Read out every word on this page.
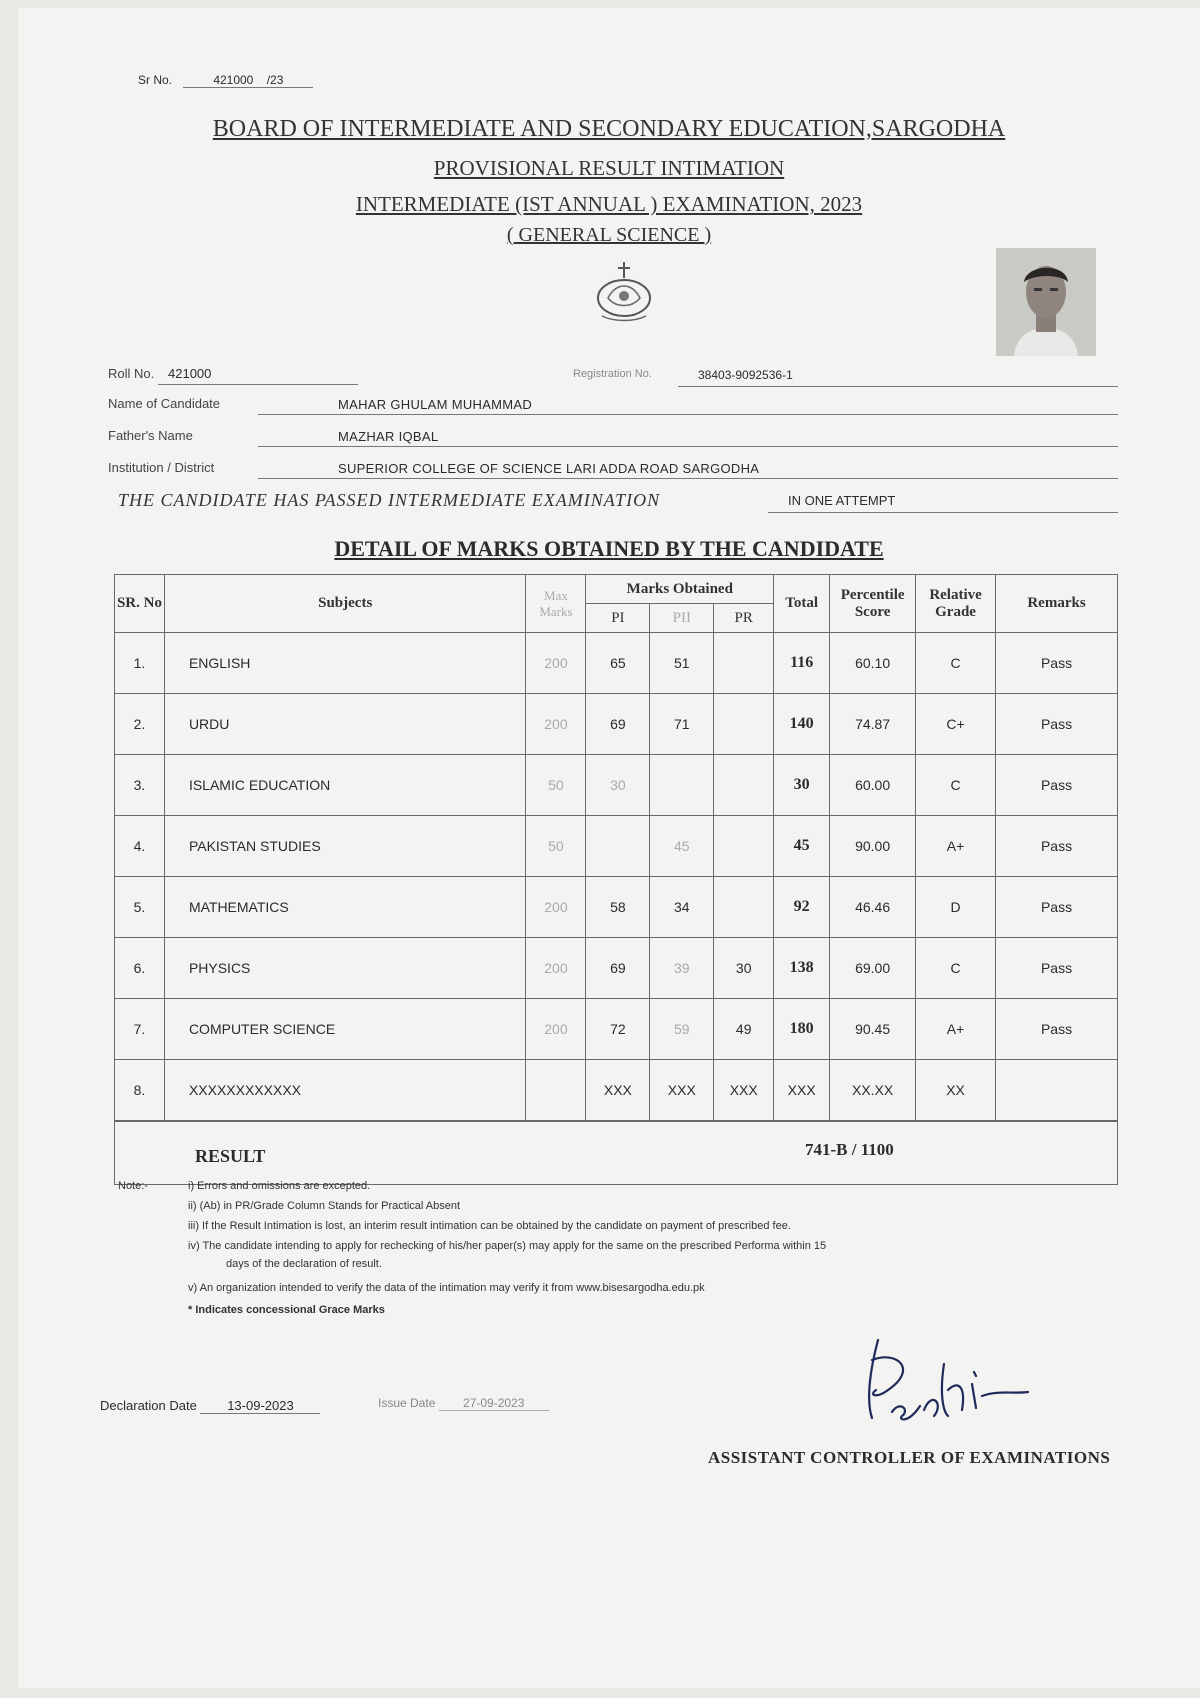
Sr No.	421000 /23
BOARD OF INTERMEDIATE AND SECONDARY EDUCATION,SARGODHA
PROVISIONAL RESULT INTIMATION
INTERMEDIATE (IST ANNUAL ) EXAMINATION, 2023
( GENERAL SCIENCE )
Roll No. 421000	Registration No.	38403-9092536-1
Name of Candidate	MAHAR GHULAM MUHAMMAD
Father's Name	MAZHAR IQBAL
Institution / District	SUPERIOR COLLEGE OF SCIENCE LARI ADDA ROAD SARGODHA
THE CANDIDATE HAS PASSED INTERMEDIATE EXAMINATION	IN ONE ATTEMPT
DETAIL OF MARKS OBTAINED BY THE CANDIDATE
SR. No	Subjects	Max Marks	Marks Obtained			Total	Percentile Score	Relative Grade	Remarks
			PI	PII	PR				
1.	ENGLISH	200	65	51		116	60.10	C	Pass
2.	URDU	200	69	71		140	74.87	C+	Pass
3.	ISLAMIC EDUCATION	50	30			30	60.00	C	Pass
4.	PAKISTAN STUDIES	50		45		45	90.00	A+	Pass
5.	MATHEMATICS	200	58	34		92	46.46	D	Pass
6.	PHYSICS	200	69	39	30	138	69.00	C	Pass
7.	COMPUTER SCIENCE	200	72	59	49	180	90.45	A+	Pass
8.	XXXXXXXXXXXX		XXX	XXX	XXX	XXX	XX.XX	XX	

RESULT 741-B / 1100									
Note:-	i) Errors and omissions are excepted.
ii) (Ab) in PR/Grade Column Stands for Practical Absent
iii) If the Result Intimation is lost, an interim result intimation can be obtained by the candidate on payment of prescribed fee.
iv) The candidate intending to apply for rechecking of his/her paper(s) may apply for the same on the prescribed Performa within 15
days of the declaration of result.
v) An organization intended to verify the data of the intimation may verify it from www.bisesargodha.edu.pk
* Indicates concessional Grace Marks
Declaration Date 13-09-2023	Issue Date 27-09-2023
ASSISTANT CONTROLLER OF EXAMINATIONS
